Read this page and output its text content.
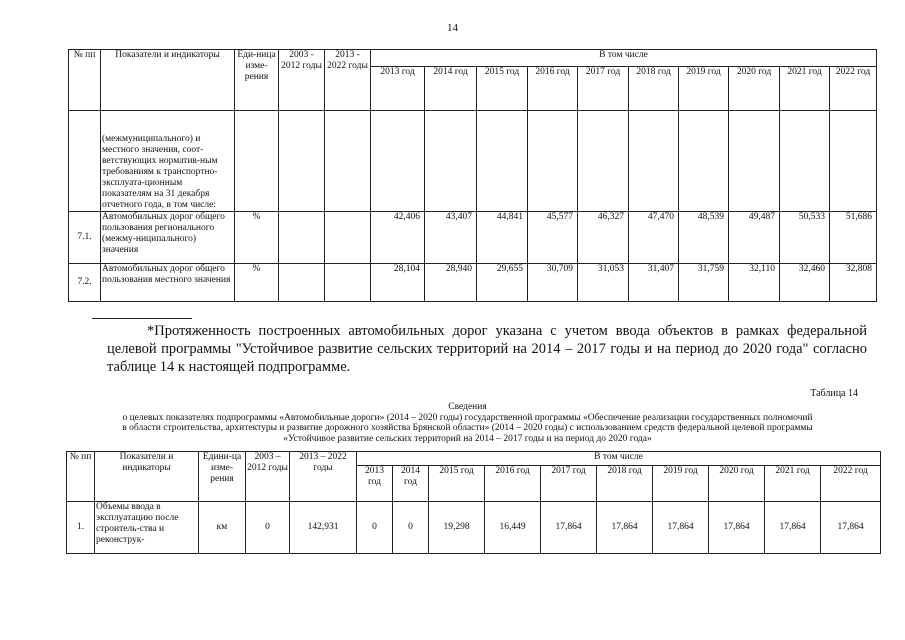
14
№ пп	Показатели и индикаторы	Еди-ница изме-рения	2003 - 2012 годы	2013 - 2022 годы	В том числе									
					2013 год	2014 год	2015 год	2016 год	2017 год	2018 год	2019 год	2020 год	2021 год	2022 год
	(межмуниципального) и местного значения, соот-ветствующих норматив-ным требованиям к транспортно-эксплуата-ционным показателям на 31 декабря отчетного года, в том числе:													
7.1.	Автомобильных дорог общего пользования регионального (межму-ниципального) значения	%			42,406	43,407	44,841	45,577	46,327	47,470	48,539	49,487	50,533	51,686
7.2.	Автомобильных дорог общего пользования местного значения	%			28,104	28,940	29,655	30,709	31,053	31,407	31,759	32,110	32,460	32,808
*Протяженность построенных автомобильных дорог указана с учетом ввода объектов в рамках федеральной целевой программы "Устойчивое развитие сельских территорий на 2014 – 2017 годы и на период до 2020 года" согласно таблице 14 к настоящей подпрограмме.
Таблица 14
Сведения
о целевых показателях подпрограммы «Автомобильные дороги» (2014 – 2020 годы) государственной программы «Обеспечение реализации государственных полномочий
в области строительства, архитектуры и развитие дорожного хозяйства Брянской области» (2014 – 2020 годы) с использованием средств федеральной целевой программы
«Устойчивое развитие сельских территорий на 2014 – 2017 годы и на период до 2020 года»
№ пп	Показатели и индикаторы	Едини-ца изме-рения	2003 – 2012 годы	2013 – 2022 годы	В том числе									
					2013 год	2014 год	2015 год	2016 год	2017 год	2018 год	2019 год	2020 год	2021 год	2022 год
1.	Объемы ввода в эксплуатацию после строитель-ства и реконструк-	км	0	142,931	0	0	19,298	16,449	17,864	17,864	17,864	17,864	17,864	17,864
